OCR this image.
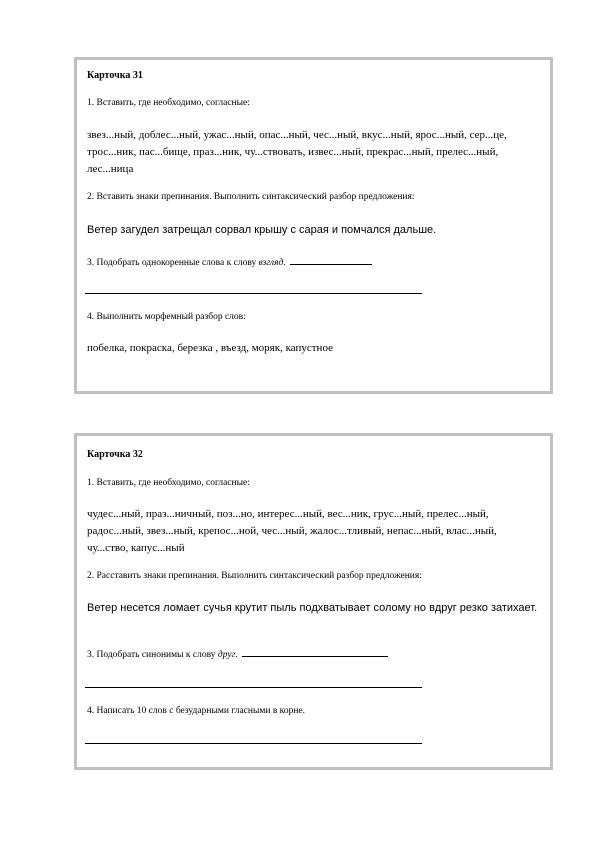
Карточка 31

1. Вставить, где необходимо, согласные:

звез...ный, доблес...ный, ужас...ный, опас...ный, чес...ный, вкус...ный, ярос...ный, сер...це, трос...ник, пас...бище, праз...ник, чу...ствовать, извес...ный, прекрас...ный, прелес...ный, лес...ница

2. Вставить знаки препинания. Выполнить синтаксический разбор предложения:

Ветер загудел затрещал сорвал крышу с сарая и помчался дальше.

3. Подобрать однокоренные слова к слову взгляд.

4. Выполнить морфемный разбор слов:

побелка, покраска, березка , въезд, моряк, капустное

Карточка 32

1. Вставить, где необходимо, согласные:

чудес...ный, праз...ничный, поз...но, интерес...ный, вес...ник, грус...ный, прелес...ный, радос...ный, звез...ный, крепос...ной, чес...ный, жалос...тливый, непас...ный, влас...ный, чу...ство, капус...ный

2. Расставить знаки препинания. Выполнить синтаксический разбор предложения:

Ветер несется ломает сучья крутит пыль подхватывает солому но вдруг резко затихает.

3. Подобрать синонимы к слову друг.

4. Написать 10 слов с безударными гласными в корне.
